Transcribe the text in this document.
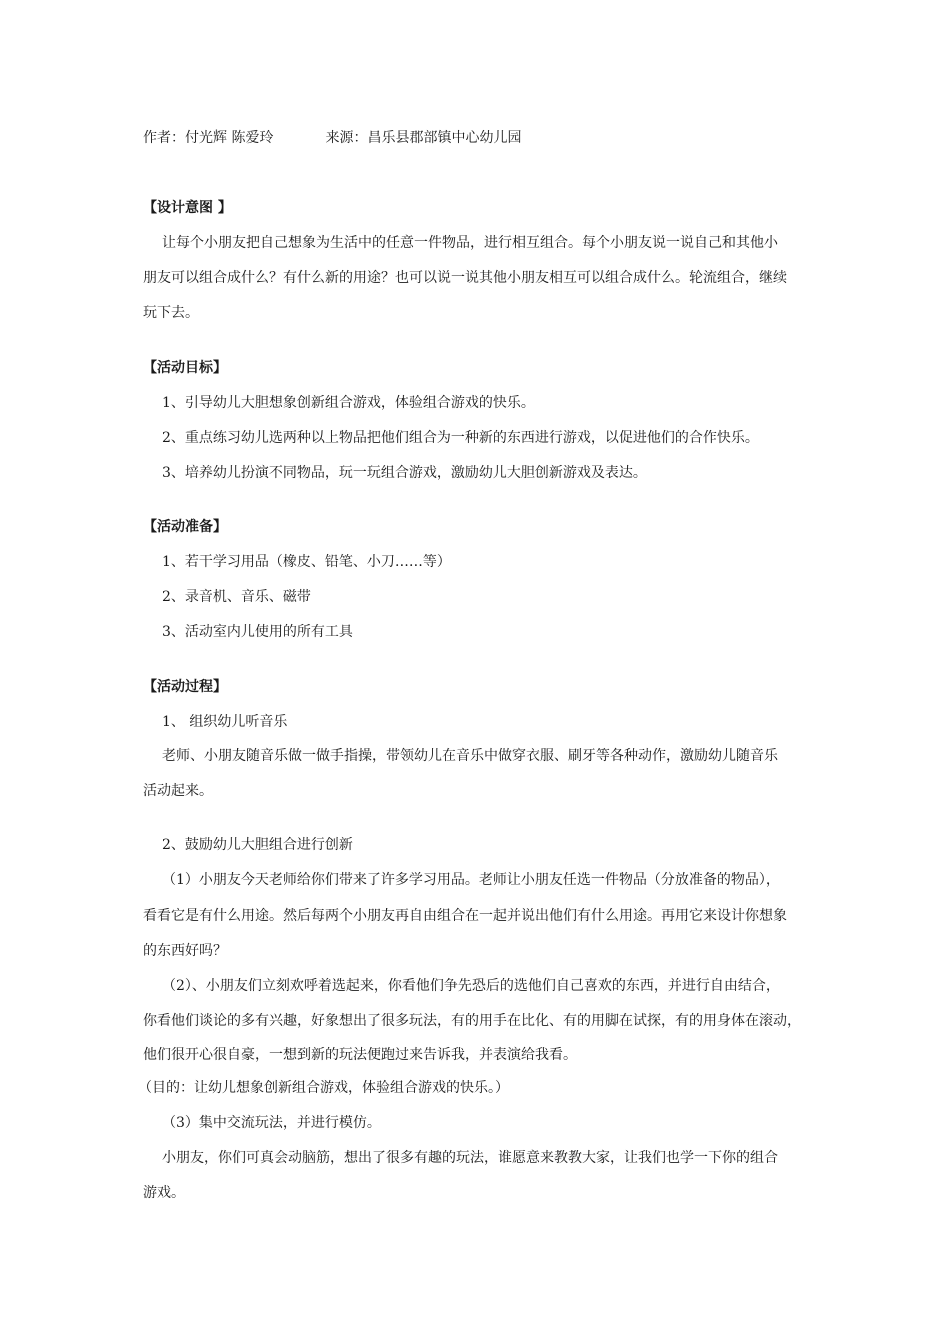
作者：付光辉 陈爱玲	来源：昌乐县郡部镇中心幼儿园
【设计意图 】
让每个小朋友把自己想象为生活中的任意一件物品，进行相互组合。每个小朋友说一说自己和其他小
朋友可以组合成什么？有什么新的用途？也可以说一说其他小朋友相互可以组合成什么。轮流组合，继续
玩下去。
【活动目标】
1、引导幼儿大胆想象创新组合游戏，体验组合游戏的快乐。
2、重点练习幼儿选两种以上物品把他们组合为一种新的东西进行游戏，以促进他们的合作快乐。
3、培养幼儿扮演不同物品，玩一玩组合游戏，激励幼儿大胆创新游戏及表达。
【活动准备】
1、若干学习用品（橡皮、铅笔、小刀……等）
2、录音机、音乐、磁带
3、活动室内儿使用的所有工具
【活动过程】
1、 组织幼儿听音乐
老师、小朋友随音乐做一做手指操，带领幼儿在音乐中做穿衣服、刷牙等各种动作，激励幼儿随音乐
活动起来。
2、鼓励幼儿大胆组合进行创新
（1）小朋友今天老师给你们带来了许多学习用品。老师让小朋友任选一件物品（分放准备的物品），
看看它是有什么用途。然后每两个小朋友再自由组合在一起并说出他们有什么用途。再用它来设计你想象
的东西好吗？
（2）、小朋友们立刻欢呼着选起来，你看他们争先恐后的选他们自己喜欢的东西，并进行自由结合，
你看他们谈论的多有兴趣，好象想出了很多玩法，有的用手在比化、有的用脚在试探，有的用身体在滚动，
他们很开心很自豪，一想到新的玩法便跑过来告诉我，并表演给我看。
（目的：让幼儿想象创新组合游戏，体验组合游戏的快乐。）
（3）集中交流玩法，并进行模仿。
小朋友，你们可真会动脑筋，想出了很多有趣的玩法，谁愿意来教教大家，让我们也学一下你的组合
游戏。
